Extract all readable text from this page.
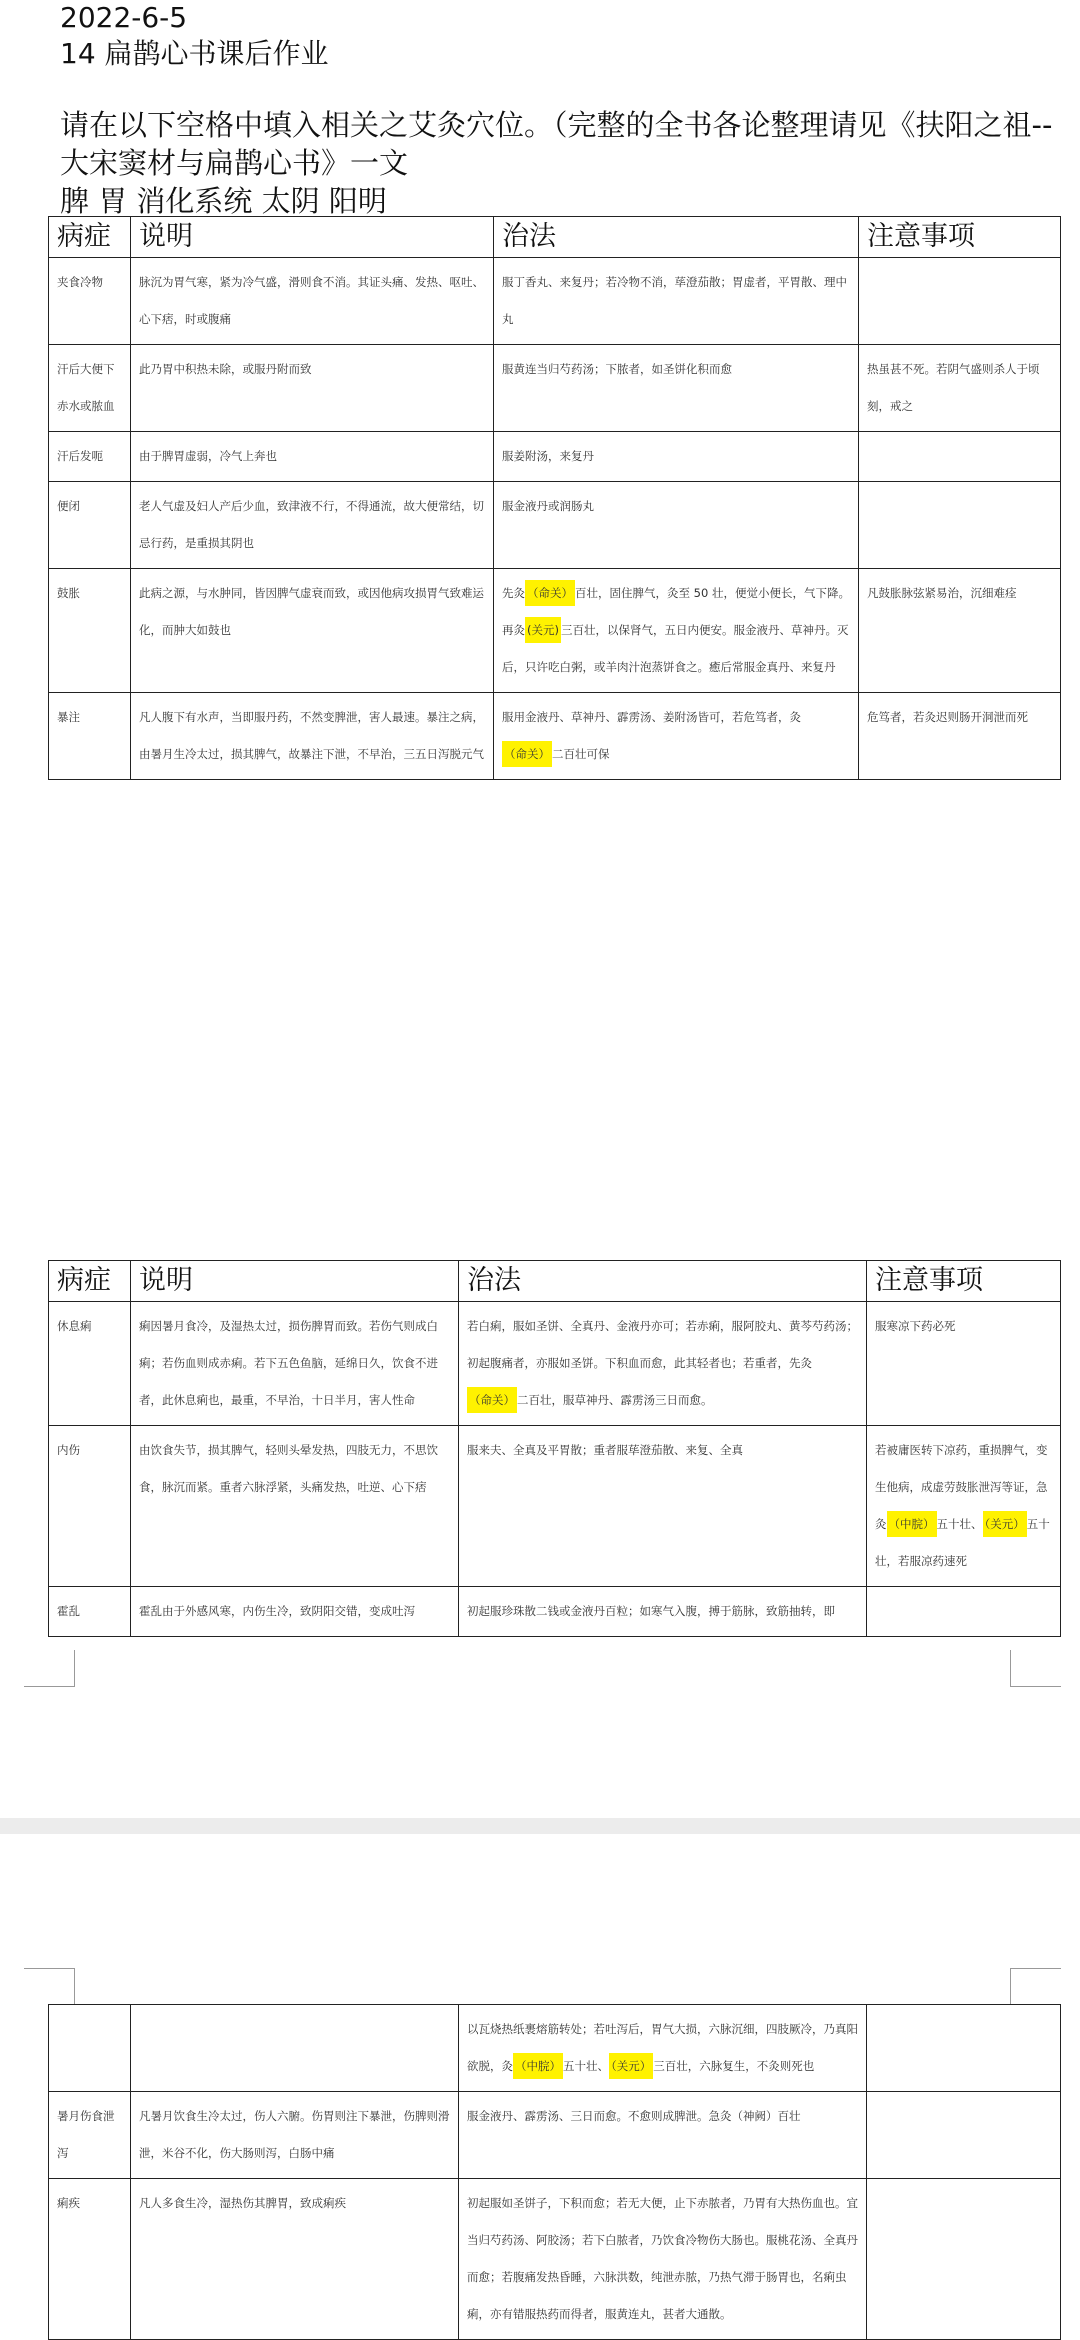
2022-6-5
14 扁鹊心书课后作业
请在以下空格中填入相关之艾灸穴位。（完整的全书各论整理请见《扶阳之祖--
大宋窦材与扁鹊心书》一文
脾 胃 消化系统 太阴 阳明
病症	说明	治法	注意事项
夹食冷物	脉沉为胃气寒，紧为冷气盛，滑则食不消。其证头痛、发热、呕吐、心下痞，时或腹痛	服丁香丸、来复丹；若冷物不消，荜澄茄散；胃虚者，平胃散、理中丸	
汗后大便下赤水或脓血	此乃胃中积热未除，或服丹附而致	服黄连当归芍药汤；下脓者，如圣饼化积而愈	热虽甚不死。若阴气盛则杀人于顷刻，戒之
汗后发呃	由于脾胃虚弱，冷气上奔也	服姜附汤，来复丹	
便闭	老人气虚及妇人产后少血，致津液不行，不得通流，故大便常结，切忌行药，是重损其阴也	服金液丹或润肠丸	
鼓胀	此病之源，与水肿同，皆因脾气虚衰而致，或因他病攻损胃气致难运化，而肿大如鼓也	先灸 （命关） 百壮，固住脾气，灸至 50 壮，便觉小便长，气下降。再灸 (关元) 三百壮，以保肾气，五日内便安。服金液丹、草神丹。灭后，只许吃白粥，或羊肉汁泡蒸饼食之。癒后常服金真丹、来复丹	凡鼓胀脉弦紧易治，沉细难痊
暴注	凡人腹下有水声，当即服丹药，不然变脾泄，害人最速。暴注之病，由暑月生冷太过，损其脾气，故暴注下泄，不早治，三五日泻脱元气	服用金液丹、草神丹、霹雳汤、姜附汤皆可，若危笃者，灸（命关） 二百壮可保	危笃者，若灸迟则肠开洞泄而死
病症	说明	治法	注意事项
休息痢	痢因暑月食冷，及湿热太过，损伤脾胃而致。若伤气则成白痢；若伤血则成赤痢。若下五色鱼脑，延绵日久，饮食不进者，此休息痢也，最重，不早治，十日半月，害人性命	若白痢，服如圣饼、全真丹、金液丹亦可；若赤痢，服阿胶丸、黄芩芍药汤；初起腹痛者，亦服如圣饼。下积血而愈，此其轻者也；若重者，先灸（命关） 二百壮，服草神丹、霹雳汤三日而愈。	服寒凉下药必死
内伤	由饮食失节，损其脾气，轻则头晕发热，四肢无力，不思饮食，脉沉而紧。重者六脉浮紧，头痛发热，吐逆、心下痞	服来夫、全真及平胃散；重者服荜澄茄散、来复、全真	若被庸医转下凉药，重损脾气，变生他病，成虚劳鼓胀泄泻等证，急灸 （中脘） 五十壮、 （关元） 五十壮，若服凉药速死
霍乱	霍乱由于外感风寒，内伤生冷，致阴阳交错，变成吐泻	初起服珍珠散二钱或金液丹百粒；如寒气入腹，搏于筋脉，致筋抽转，即	
		以瓦烧热纸裹熔筋转处；若吐泻后，胃气大损，六脉沉细，四肢厥冷，乃真阳欲脱，灸 （中脘） 五十壮、 （关元） 三百壮，六脉复生，不灸则死也	
暑月伤食泄泻	凡暑月饮食生冷太过，伤人六腑。伤胃则注下暴泄，伤脾则滑泄，米谷不化，伤大肠则泻，白肠中痛	服金液丹、霹雳汤、三日而愈。不愈则成脾泄。急灸（神阙）百壮	
痢疾	凡人多食生冷，湿热伤其脾胃，致成痢疾	初起服如圣饼子，下积而愈；若无大便，止下赤脓者，乃胃有大热伤血也。宜当归芍药汤、阿胶汤；若下白脓者，乃饮食冷物伤大肠也。服桃花汤、全真丹而愈；若腹痛发热昏睡，六脉洪数，纯泄赤脓，乃热气滞于肠胃也，名痢虫痢，亦有错服热药而得者，服黄连丸，甚者大通散。	
